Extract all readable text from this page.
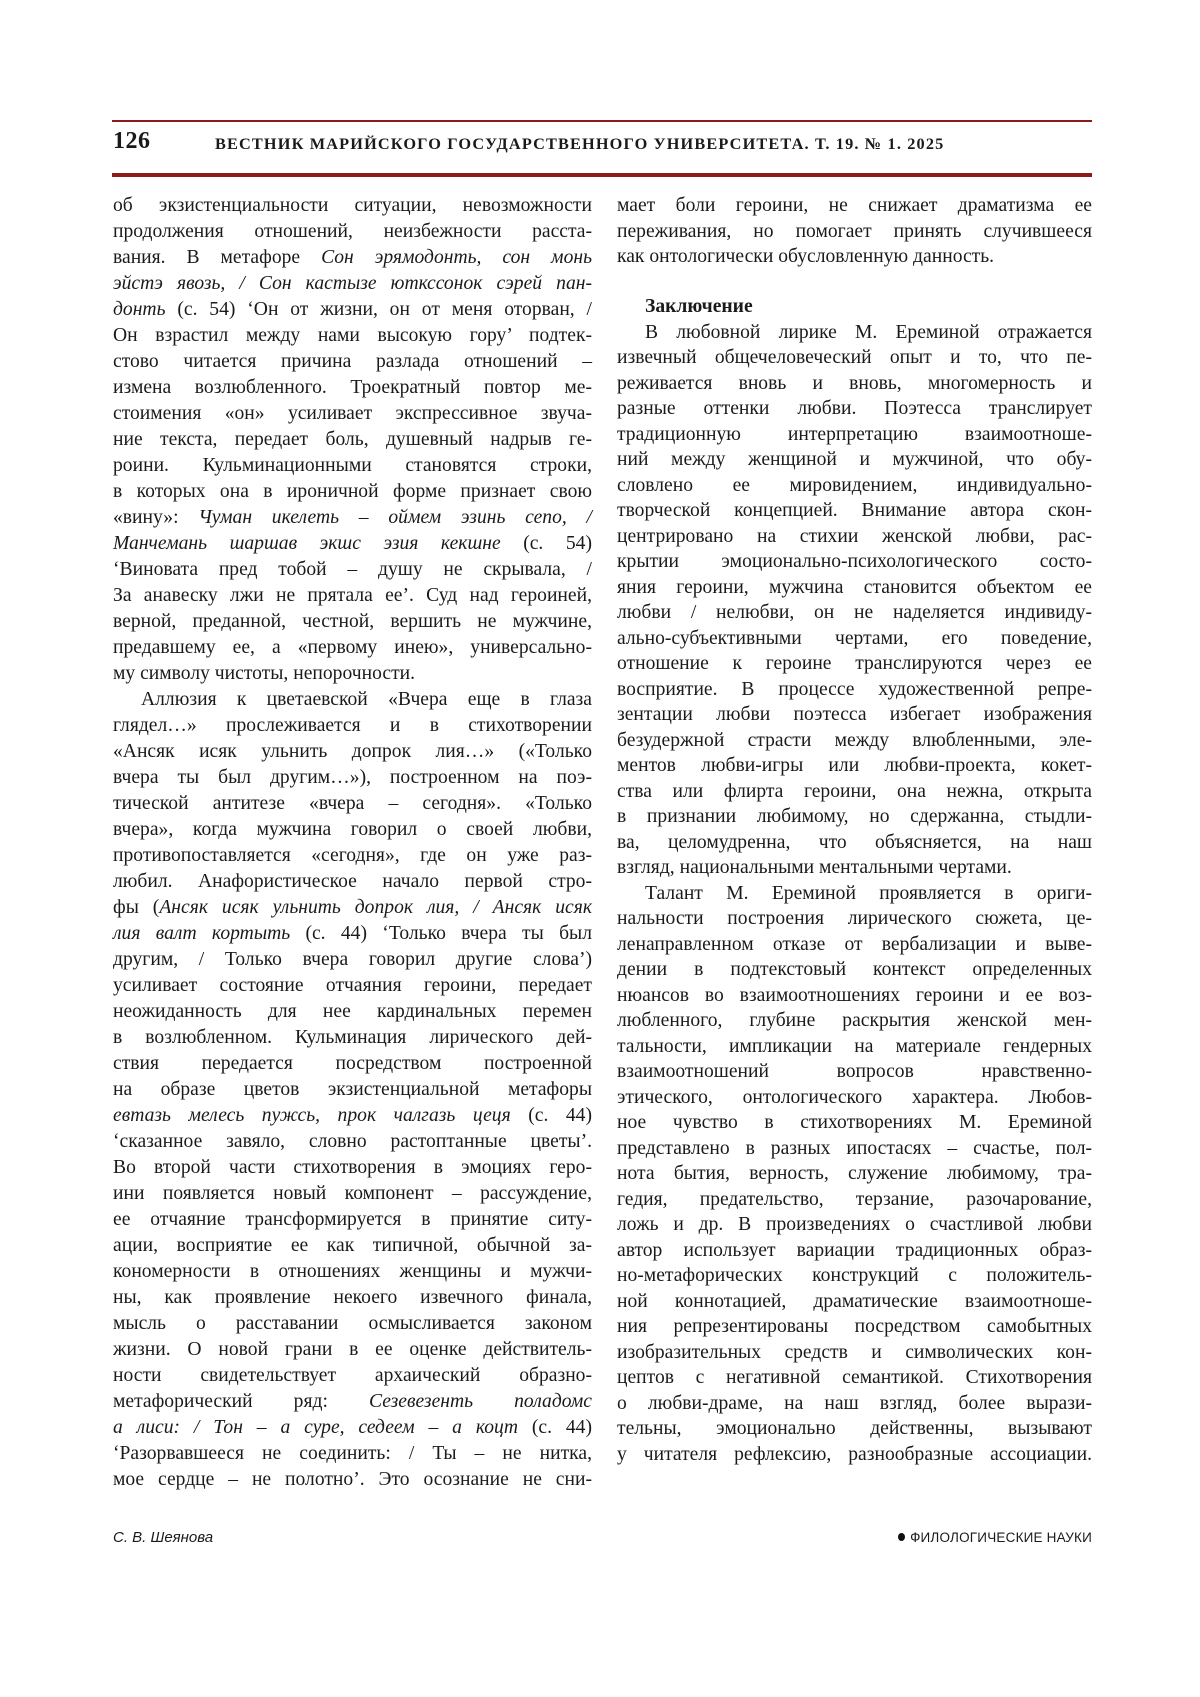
126	ВЕСТНИК МАРИЙСКОГО ГОСУДАРСТВЕННОГО УНИВЕРСИТЕТА. Т. 19. № 1. 2025
об экзистенциальности ситуации, невозможности
продолжения отношений, неизбежности расста-
вания. В метафоре Сон эрямодонть, сон монь
эйстэ явозь, / Сон кастызе юткссонок сэрей пан-
донть (с. 54) ‘Он от жизни, он от меня оторван, /
Он взрастил между нами высокую гору’ подтек-
стово читается причина разлада отношений –
измена возлюбленного. Троекратный повтор ме-
стоимения «он» усиливает экспрессивное звуча-
ние текста, передает боль, душевный надрыв ге-
роини. Кульминационными становятся строки,
в которых она в ироничной форме признает свою
«вину»: Чуман икелеть – оймем эзинь сепо, /
Манчемань шаршав экшс эзия кекшне (с. 54)
‘Виновата пред тобой – душу не скрывала, /
За анавеску лжи не прятала ее’. Суд над героиней,
верной, преданной, честной, вершить не мужчине,
предавшему ее, а «первому инею», универсально-
му символу чистоты, непорочности.
Аллюзия к цветаевской «Вчера еще в глаза
глядел…» прослеживается и в стихотворении
«Ансяк исяк ульнить допрок лия…» («Только
вчера ты был другим…»), построенном на поэ-
тической антитезе «вчера – сегодня». «Только
вчера», когда мужчина говорил о своей любви,
противопоставляется «сегодня», где он уже раз-
любил. Анафористическое начало первой стро-
фы (Ансяк исяк ульнить допрок лия, / Ансяк исяк
лия валт кортыть (с. 44) ‘Только вчера ты был
другим, / Только вчера говорил другие слова’)
усиливает состояние отчаяния героини, передает
неожиданность для нее кардинальных перемен
в возлюбленном. Кульминация лирического дей-
ствия передается посредством построенной
на образе цветов экзистенциальной метафоры
евтазь мелесь пужсь, прок чалгазь цеця (с. 44)
‘сказанное завяло, словно растоптанные цветы’.
Во второй части стихотворения в эмоциях геро-
ини появляется новый компонент – рассуждение,
ее отчаяние трансформируется в принятие ситу-
ации, восприятие ее как типичной, обычной за-
кономерности в отношениях женщины и мужчи-
ны, как проявление некоего извечного финала,
мысль о расставании осмысливается законом
жизни. О новой грани в ее оценке действитель-
ности свидетельствует архаический образно-
метафорический ряд: Сезевезенть поладомс
а лиси: / Тон – а суре, седеем – а коцт (с. 44)
‘Разорвавшееся не соединить: / Ты – не нитка,
мое сердце – не полотно’. Это осознание не сни-
мает боли героини, не снижает драматизма ее
переживания, но помогает принять случившееся
как онтологически обусловленную данность.
Заключение
В любовной лирике М. Ереминой отражается
извечный общечеловеческий опыт и то, что пе-
реживается вновь и вновь, многомерность и
разные оттенки любви. Поэтесса транслирует
традиционную интерпретацию взаимоотноше-
ний между женщиной и мужчиной, что обу-
словлено ее мировидением, индивидуально-
творческой концепцией. Внимание автора скон-
центрировано на стихии женской любви, рас-
крытии эмоционально-психологического состо-
яния героини, мужчина становится объектом ее
любви / нелюбви, он не наделяется индивиду-
ально-субъективными чертами, его поведение,
отношение к героине транслируются через ее
восприятие. В процессе художественной репре-
зентации любви поэтесса избегает изображения
безудержной страсти между влюбленными, эле-
ментов любви-игры или любви-проекта, кокет-
ства или флирта героини, она нежна, открыта
в признании любимому, но сдержанна, стыдли-
ва, целомудренна, что объясняется, на наш
взгляд, национальными ментальными чертами.
Талант М. Ереминой проявляется в ориги-
нальности построения лирического сюжета, це-
ленаправленном отказе от вербализации и выве-
дении в подтекстовый контекст определенных
нюансов во взаимоотношениях героини и ее воз-
любленного, глубине раскрытия женской мен-
тальности, импликации на материале гендерных
взаимоотношений вопросов нравственно-
этического, онтологического характера. Любов-
ное чувство в стихотворениях М. Ереминой
представлено в разных ипостасях – счастье, пол-
нота бытия, верность, служение любимому, тра-
гедия, предательство, терзание, разочарование,
ложь и др. В произведениях о счастливой любви
автор использует вариации традиционных образ-
но-метафорических конструкций с положитель-
ной коннотацией, драматические взаимоотноше-
ния репрезентированы посредством самобытных
изобразительных средств и символических кон-
цептов с негативной семантикой. Стихотворения
о любви-драме, на наш взгляд, более вырази-
тельны, эмоционально действенны, вызывают
у читателя рефлексию, разнообразные ассоциации.
С. В. Шеянова	ФИЛОЛОГИЧЕСКИЕ НАУКИ
